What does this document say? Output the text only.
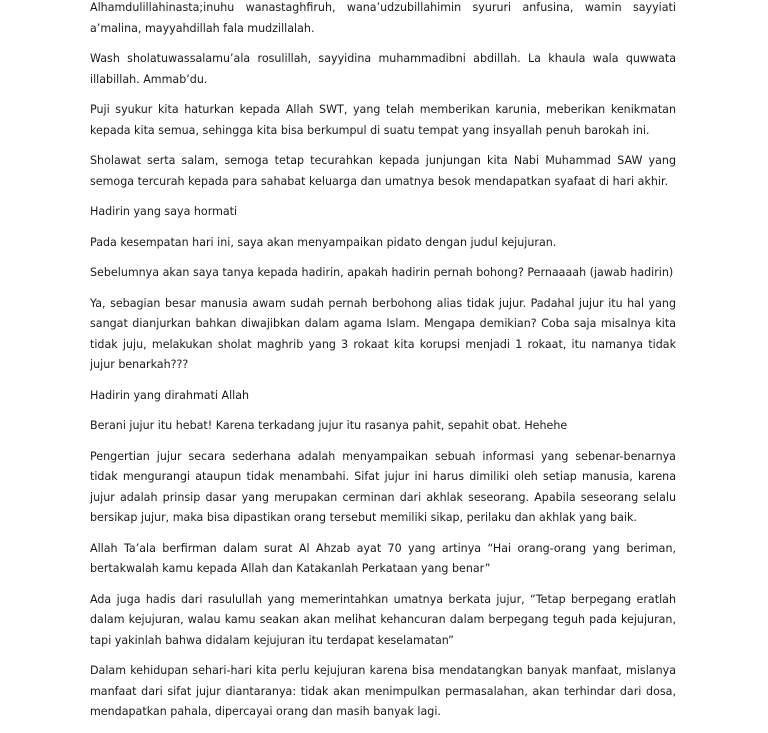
Alhamdulillahinasta;inuhu wanastaghfiruh, wana’udzubillahimin syururi anfusina, wamin sayyiati a’malina, mayyahdillah fala mudzillalah.

Wash sholatuwassalamu’ala rosulillah, sayyidina muhammadibni abdillah. La khaula wala quwwata illabillah. Ammab’du.

Puji syukur kita haturkan kepada Allah SWT, yang telah memberikan karunia, meberikan kenikmatan kepada kita semua, sehingga kita bisa berkumpul di suatu tempat yang insyallah penuh barokah ini.

Sholawat serta salam, semoga tetap tecurahkan kepada junjungan kita Nabi Muhammad SAW yang semoga tercurah kepada para sahabat keluarga dan umatnya besok mendapatkan syafaat di hari akhir.

Hadirin yang saya hormati

Pada kesempatan hari ini, saya akan menyampaikan pidato dengan judul kejujuran.

Sebelumnya akan saya tanya kepada hadirin, apakah hadirin pernah bohong? Pernaaaah (jawab hadirin)

Ya, sebagian besar manusia awam sudah pernah berbohong alias tidak jujur. Padahal jujur itu hal yang sangat dianjurkan bahkan diwajibkan dalam agama Islam. Mengapa demikian? Coba saja misalnya kita tidak juju, melakukan sholat maghrib yang 3 rokaat kita korupsi menjadi 1 rokaat, itu namanya tidak jujur benarkah???

Hadirin yang dirahmati Allah

Berani jujur itu hebat! Karena terkadang jujur itu rasanya pahit, sepahit obat. Hehehe

Pengertian jujur secara sederhana adalah menyampaikan sebuah informasi yang sebenar-benarnya tidak mengurangi ataupun tidak menambahi. Sifat jujur ini harus dimiliki oleh setiap manusia, karena jujur adalah prinsip dasar yang merupakan cerminan dari akhlak seseorang. Apabila seseorang selalu bersikap jujur, maka bisa dipastikan orang tersebut memiliki sikap, perilaku dan akhlak yang baik.

Allah Ta’ala berfirman dalam surat Al Ahzab ayat 70 yang artinya “Hai orang-orang yang beriman, bertakwalah kamu kepada Allah dan Katakanlah Perkataan yang benar”

Ada juga hadis dari rasulullah yang memerintahkan umatnya berkata jujur, “Tetap berpegang eratlah dalam kejujuran, walau kamu seakan akan melihat kehancuran dalam berpegang teguh pada kejujuran, tapi yakinlah bahwa didalam kejujuran itu terdapat keselamatan”

Dalam kehidupan sehari-hari kita perlu kejujuran karena bisa mendatangkan banyak manfaat, mislanya manfaat dari sifat jujur diantaranya: tidak akan menimpulkan permasalahan, akan terhindar dari dosa, mendapatkan pahala, dipercayai orang dan masih banyak lagi.
